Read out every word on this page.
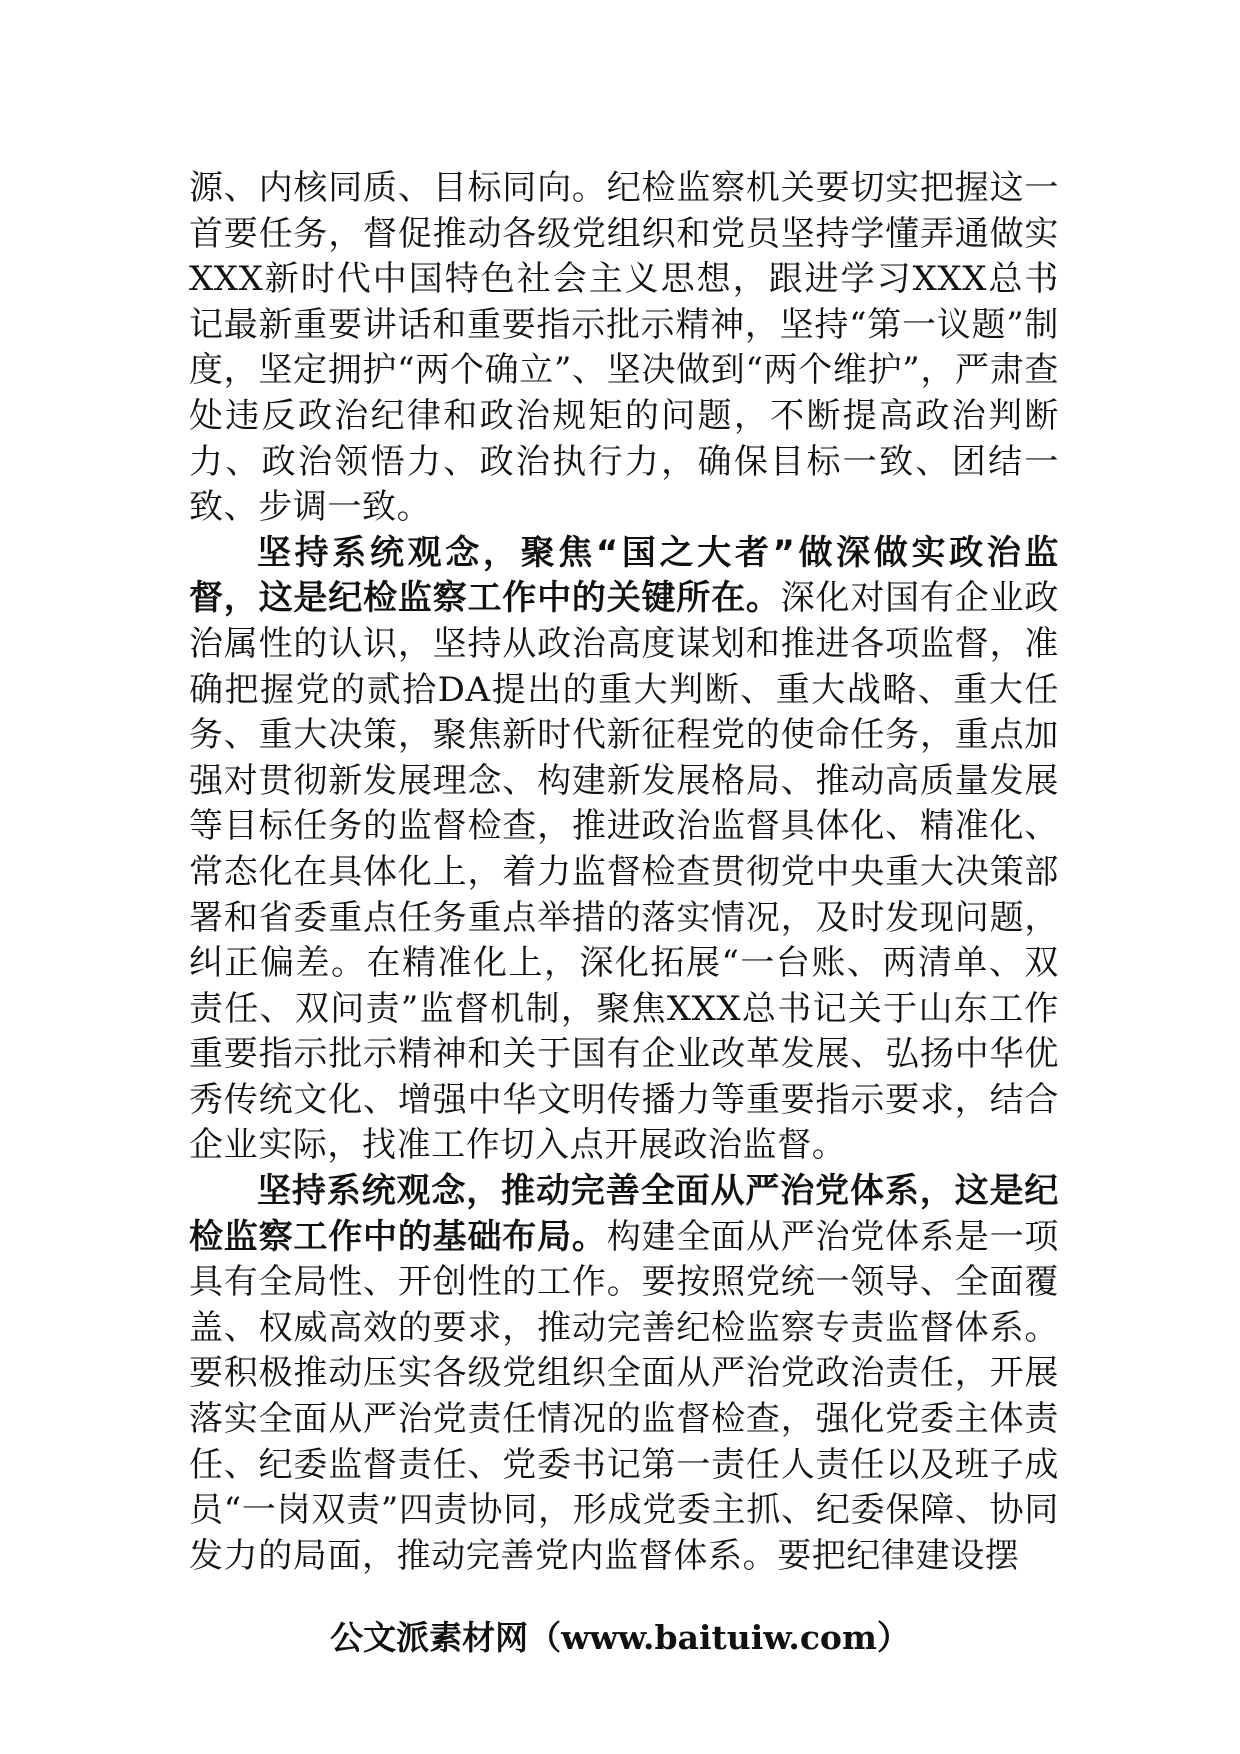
源、内核同质、目标同向。纪检监察机关要切实把握这一首要任务，督促推动各级党组织和党员坚持学懂弄通做实XXX新时代中国特色社会主义思想，跟进学习XXX总书记最新重要讲话和重要指示批示精神，坚持“第一议题”制度，坚定拥护“两个确立”、坚决做到“两个维护”，严肃查处违反政治纪律和政治规矩的问题，不断提高政治判断力、政治领悟力、政治执行力，确保目标一致、团结一致、步调一致。

坚持系统观念，聚焦“国之大者”做深做实政治监督，这是纪检监察工作中的关键所在。深化对国有企业政治属性的认识，坚持从政治高度谋划和推进各项监督，准确把握党的贰拾DA提出的重大判断、重大战略、重大任务、重大决策，聚焦新时代新征程党的使命任务，重点加强对贯彻新发展理念、构建新发展格局、推动高质量发展等目标任务的监督检查，推进政治监督具体化、精准化、常态化在具体化上，着力监督检查贯彻党中央重大决策部署和省委重点任务重点举措的落实情况，及时发现问题，纠正偏差。在精准化上，深化拓展“一台账、两清单、双责任、双问责”监督机制，聚焦XXX总书记关于山东工作重要指示批示精神和关于国有企业改革发展、弘扬中华优秀传统文化、增强中华文明传播力等重要指示要求，结合企业实际，找准工作切入点开展政治监督。

坚持系统观念，推动完善全面从严治党体系，这是纪检监察工作中的基础布局。构建全面从严治党体系是一项具有全局性、开创性的工作。要按照党统一领导、全面覆盖、权威高效的要求，推动完善纪检监察专责监督体系。要积极推动压实各级党组织全面从严治党政治责任，开展落实全面从严治党责任情况的监督检查，强化党委主体责任、纪委监督责任、党委书记第一责任人责任以及班子成员“一岗双责”四责协同，形成党委主抓、纪委保障、协同发力的局面，推动完善党内监督体系。要把纪律建设摆

公文派素材网（www.baituiw.com）
